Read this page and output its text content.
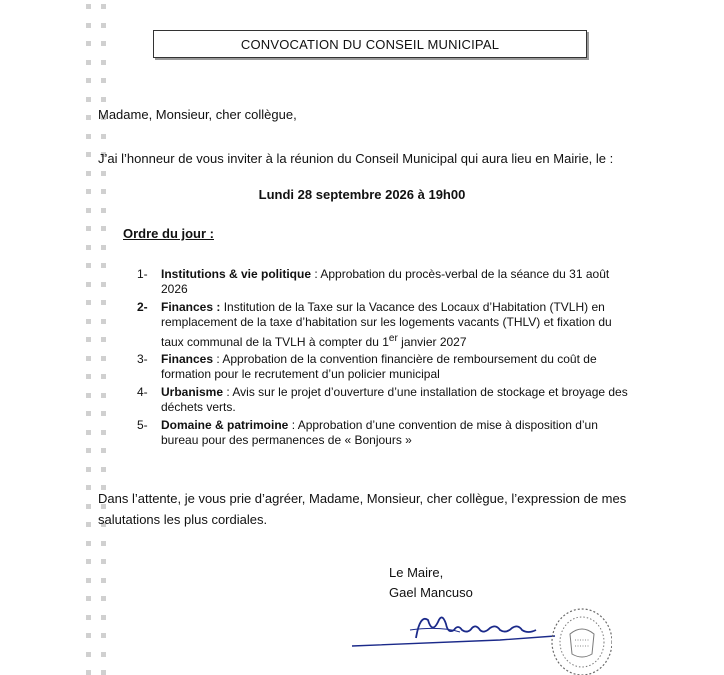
CONVOCATION DU CONSEIL MUNICIPAL
Madame, Monsieur, cher collègue,
J’ai l’honneur de vous inviter à la réunion du Conseil Municipal qui aura lieu en Mairie, le :
Lundi 28 septembre 2026 à 19h00
Ordre du jour :
1-	Institutions & vie politique : Approbation du procès-verbal de la séance du 31 août 2026
2-	Finances : Institution de la Taxe sur la Vacance des Locaux d’Habitation (TVLH) en remplacement de la taxe d’habitation sur les logements vacants (THLV) et fixation du taux communal de la TVLH à compter du 1er janvier 2027
3-	Finances : Approbation de la convention financière de remboursement du coût de formation pour le recrutement d’un policier municipal
4-	Urbanisme : Avis sur le projet d’ouverture d’une installation de stockage et broyage des déchets verts.
5-	Domaine & patrimoine : Approbation d’une convention de mise à disposition d’un bureau pour des permanences de « Bonjours »
Dans l’attente, je vous prie d’agréer, Madame, Monsieur, cher collègue, l’expression de mes salutations les plus cordiales.
Le Maire,
Gael Mancuso
